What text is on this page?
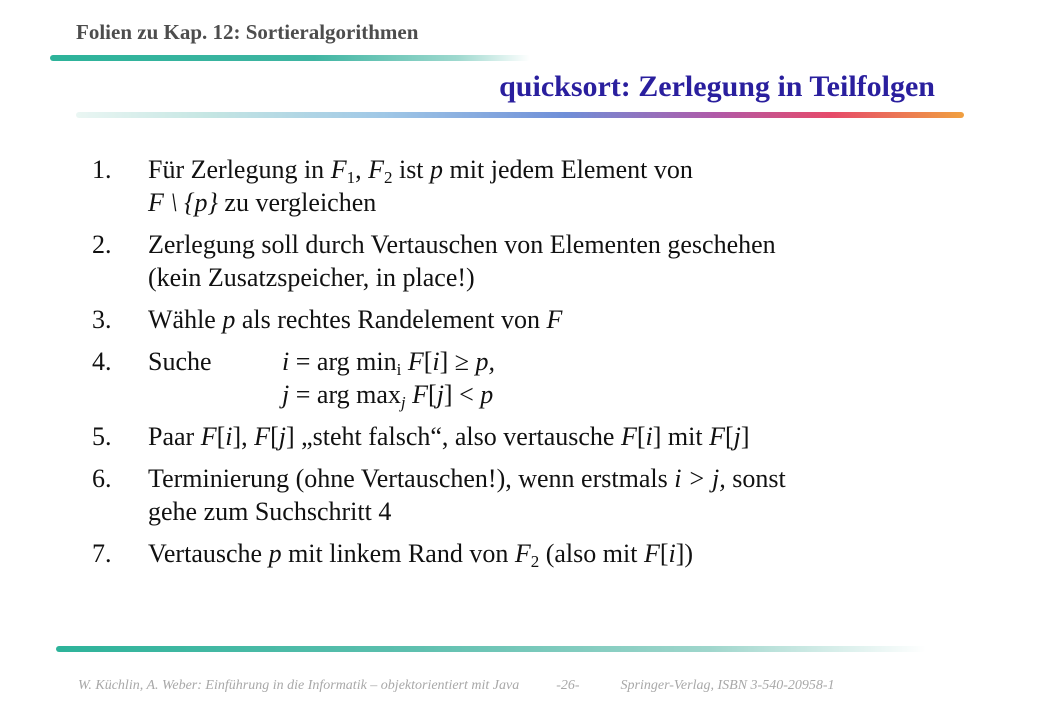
Folien zu Kap. 12: Sortieralgorithmen
quicksort: Zerlegung in Teilfolgen
1. Für Zerlegung in $F_1$, $F_2$ ist p mit jedem Element von
F \ {p} zu vergleichen
2. Zerlegung soll durch Vertauschen von Elementen geschehen
(kein Zusatzspeicher, in place!)
3. Wähle p als rechtes Randelement von F
4. Suche	i = arg $\min_i F[i] \ge p$,
j = arg $\max_j F[j] < p$
5. Paar F[i], F[j] „steht falsch“, also vertausche F[i] mit F[j]
6. Terminierung (ohne Vertauschen!), wenn erstmals i > j, sonst
gehe zum Suchschritt 4
7. Vertausche p mit linkem Rand von $F_2$ (also mit F[i])
W. Küchlin, A. Weber: Einführung in die Informatik – objektorientiert mit Java	-26-	Springer-Verlag, ISBN 3-540-20958-1
